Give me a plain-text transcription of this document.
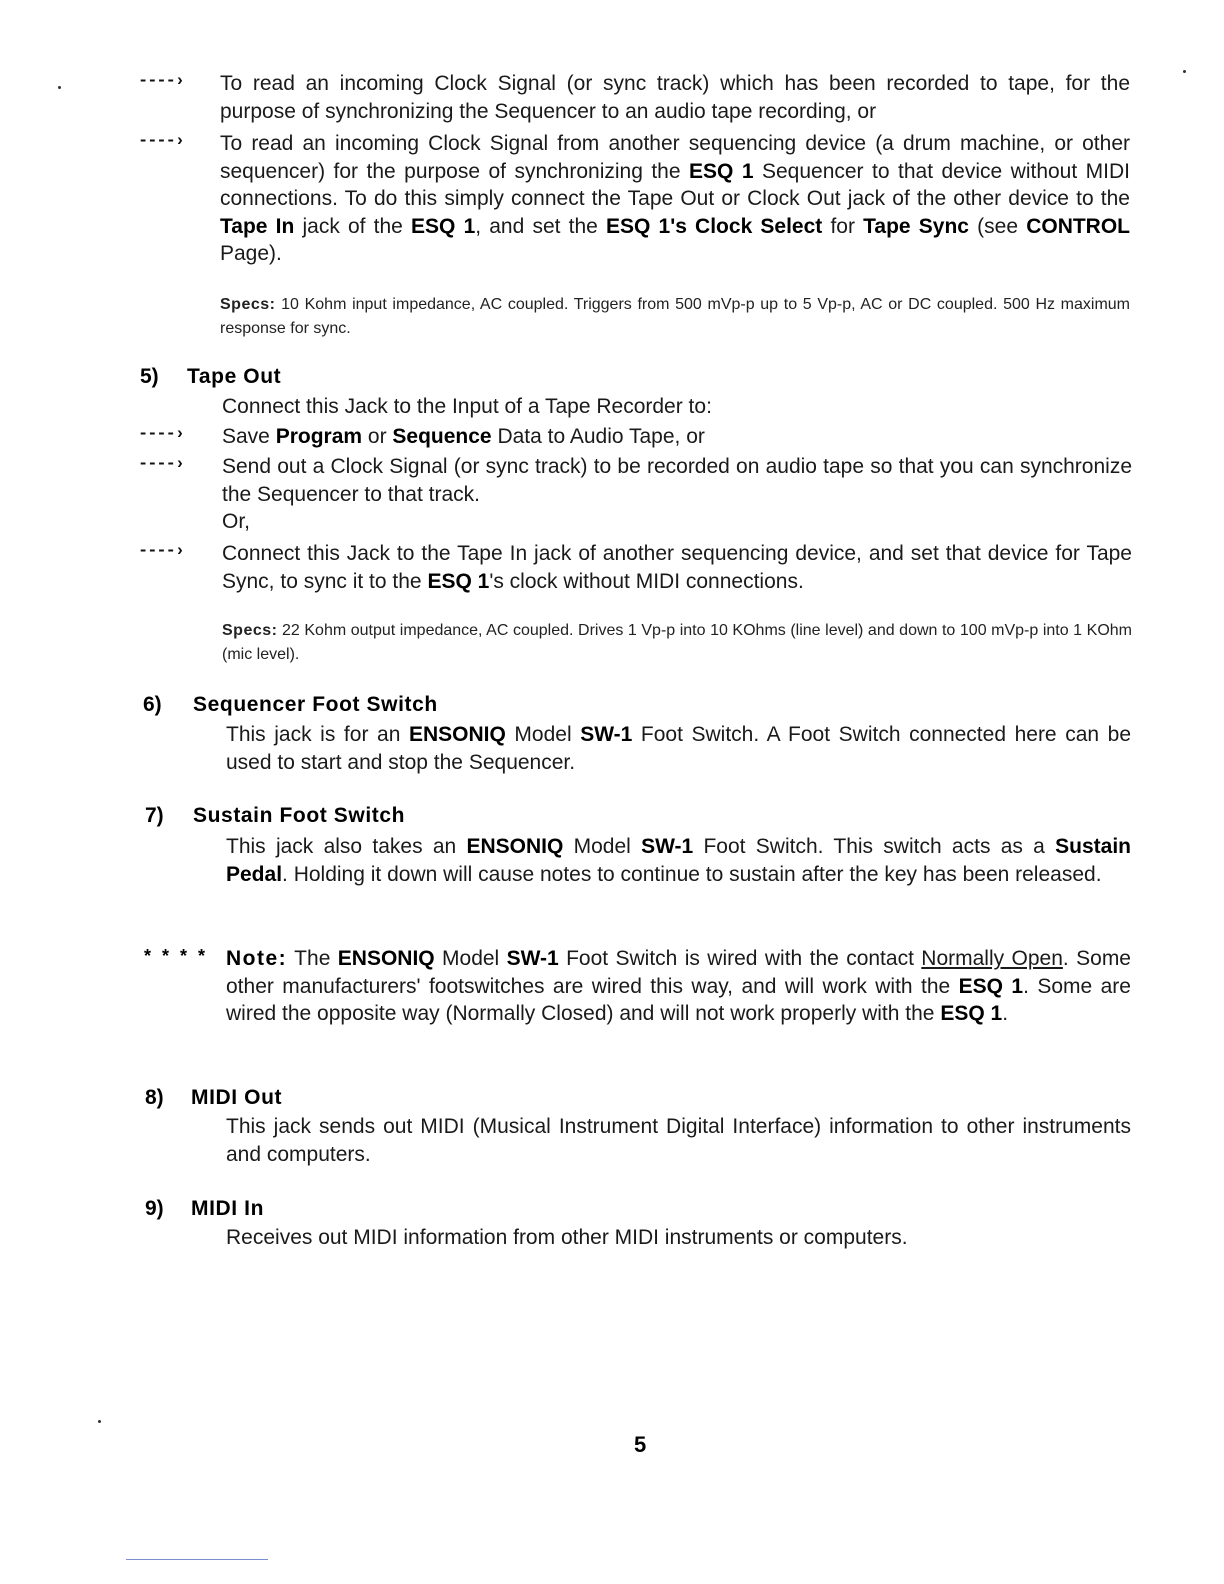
----› To read an incoming Clock Signal (or sync track) which has been recorded to tape, for the purpose of synchronizing the Sequencer to an audio tape recording, or
----› To read an incoming Clock Signal from another sequencing device (a drum machine, or other sequencer) for the purpose of synchronizing the ESQ 1 Sequencer to that device without MIDI connections. To do this simply connect the Tape Out or Clock Out jack of the other device to the Tape In jack of the ESQ 1, and set the ESQ 1's Clock Select for Tape Sync (see CONTROL Page).
Specs: 10 Kohm input impedance, AC coupled. Triggers from 500 mVp-p up to 5 Vp-p, AC or DC coupled. 500 Hz maximum response for sync.
5) Tape Out
Connect this Jack to the Input of a Tape Recorder to:
----› Save Program or Sequence Data to Audio Tape, or
----› Send out a Clock Signal (or sync track) to be recorded on audio tape so that you can synchronize the Sequencer to that track.
Or,
----› Connect this Jack to the Tape In jack of another sequencing device, and set that device for Tape Sync, to sync it to the ESQ 1's clock without MIDI connections.
Specs: 22 Kohm output impedance, AC coupled. Drives 1 Vp-p into 10 KOhms (line level) and down to 100 mVp-p into 1 KOhm (mic level).
6) Sequencer Foot Switch
This jack is for an ENSONIQ Model SW-1 Foot Switch. A Foot Switch connected here can be used to start and stop the Sequencer.
7) Sustain Foot Switch
This jack also takes an ENSONIQ Model SW-1 Foot Switch. This switch acts as a Sustain Pedal. Holding it down will cause notes to continue to sustain after the key has been released.
* * * * Note: The ENSONIQ Model SW-1 Foot Switch is wired with the contact Normally Open. Some other manufacturers' footswitches are wired this way, and will work with the ESQ 1. Some are wired the opposite way (Normally Closed) and will not work properly with the ESQ 1.
8) MIDI Out
This jack sends out MIDI (Musical Instrument Digital Interface) information to other instruments and computers.
9) MIDI In
Receives out MIDI information from other MIDI instruments or computers.
5
